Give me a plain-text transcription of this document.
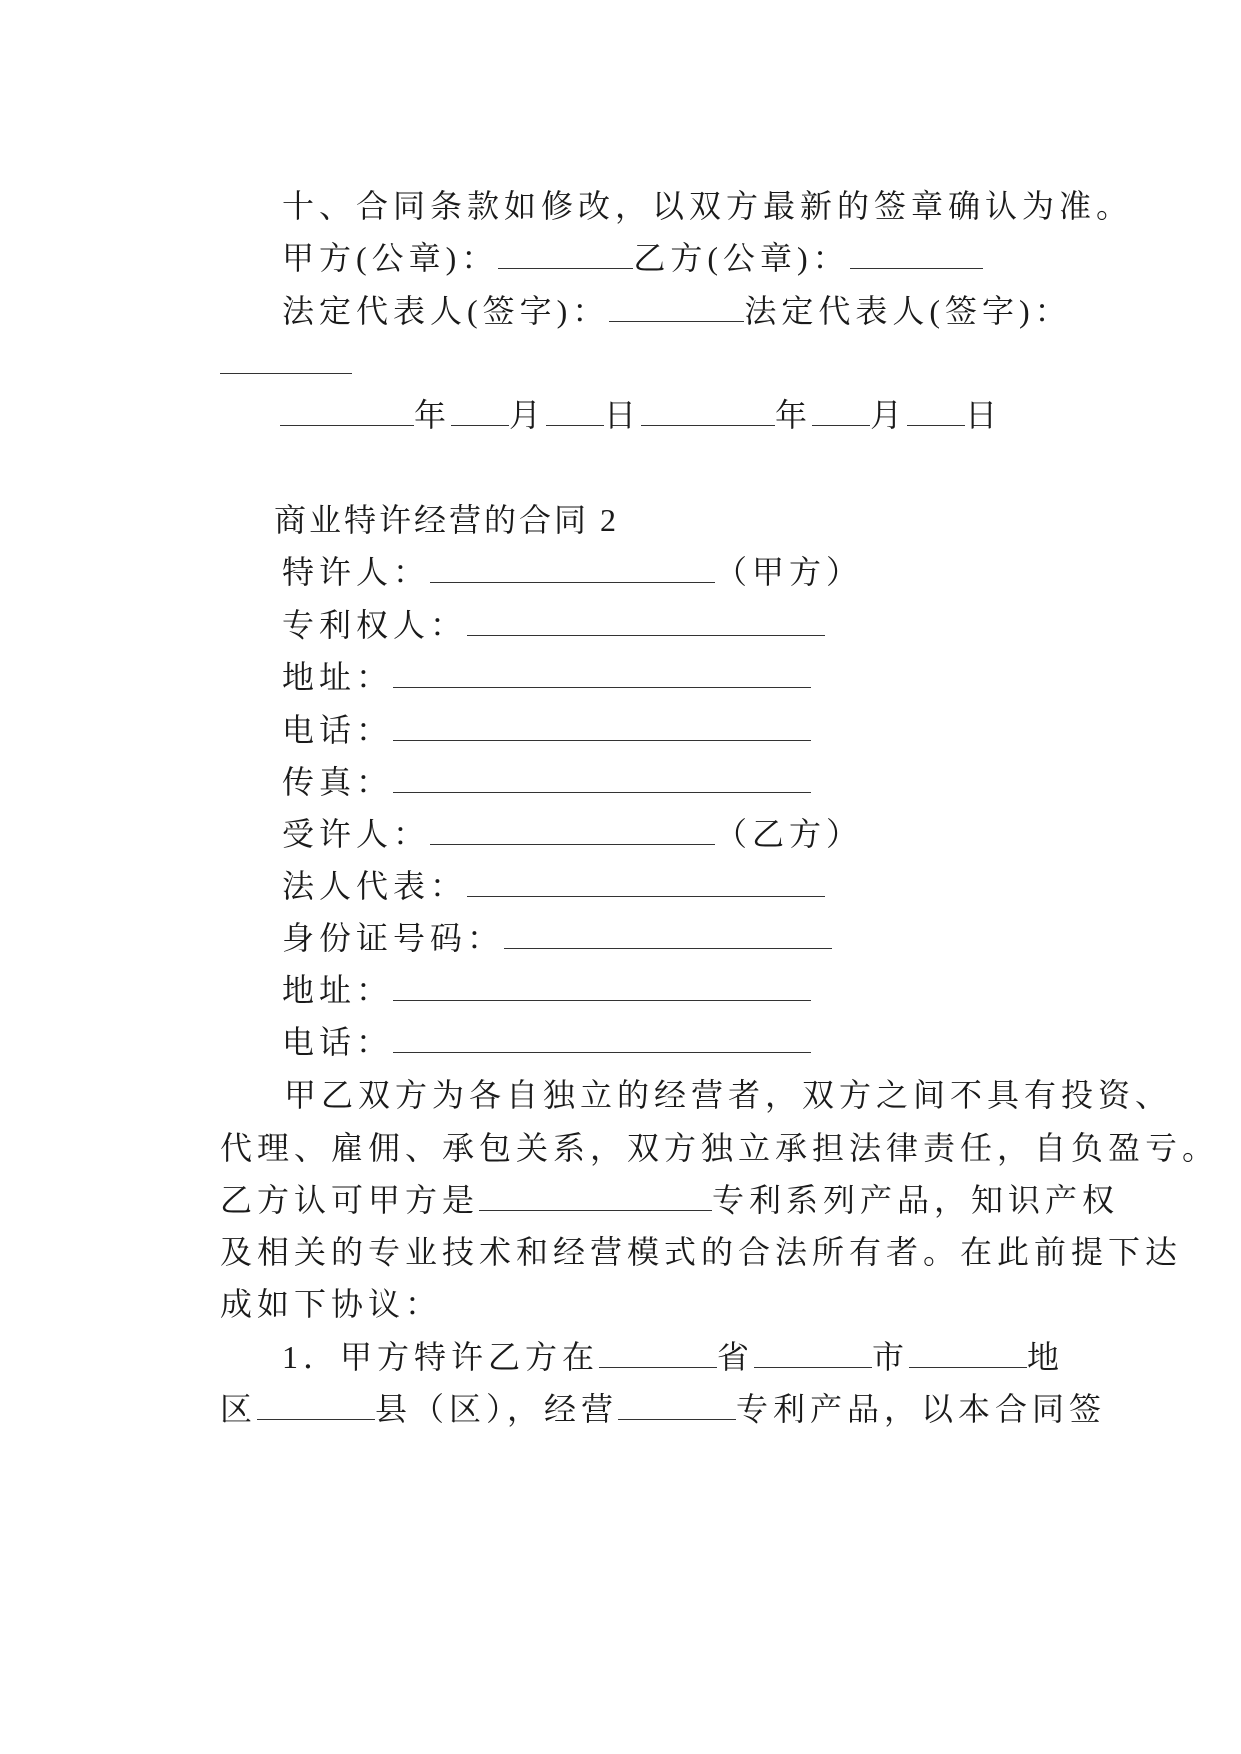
十、合同条款如修改，以双方最新的签章确认为准。

甲方(公章)：	乙方(公章)：

法定代表人(签字)：	法定代表人(签字)：

年 月 日	年 月 日

商业特许经营的合同 2

特许人：	（甲方）

专利权人：

地址：

电话：

传真：

受许人：	（乙方）

法人代表：

身份证号码：

地址：

电话：

甲乙双方为各自独立的经营者，双方之间不具有投资、

代理、雇佣、承包关系，双方独立承担法律责任，自负盈亏。

乙方认可甲方是	专利系列产品，知识产权

及相关的专业技术和经营模式的合法所有者。在此前提下达

成如下协议：

1．甲方特许乙方在	省	市	地

区	县（区），经营	专利产品，以本合同签
